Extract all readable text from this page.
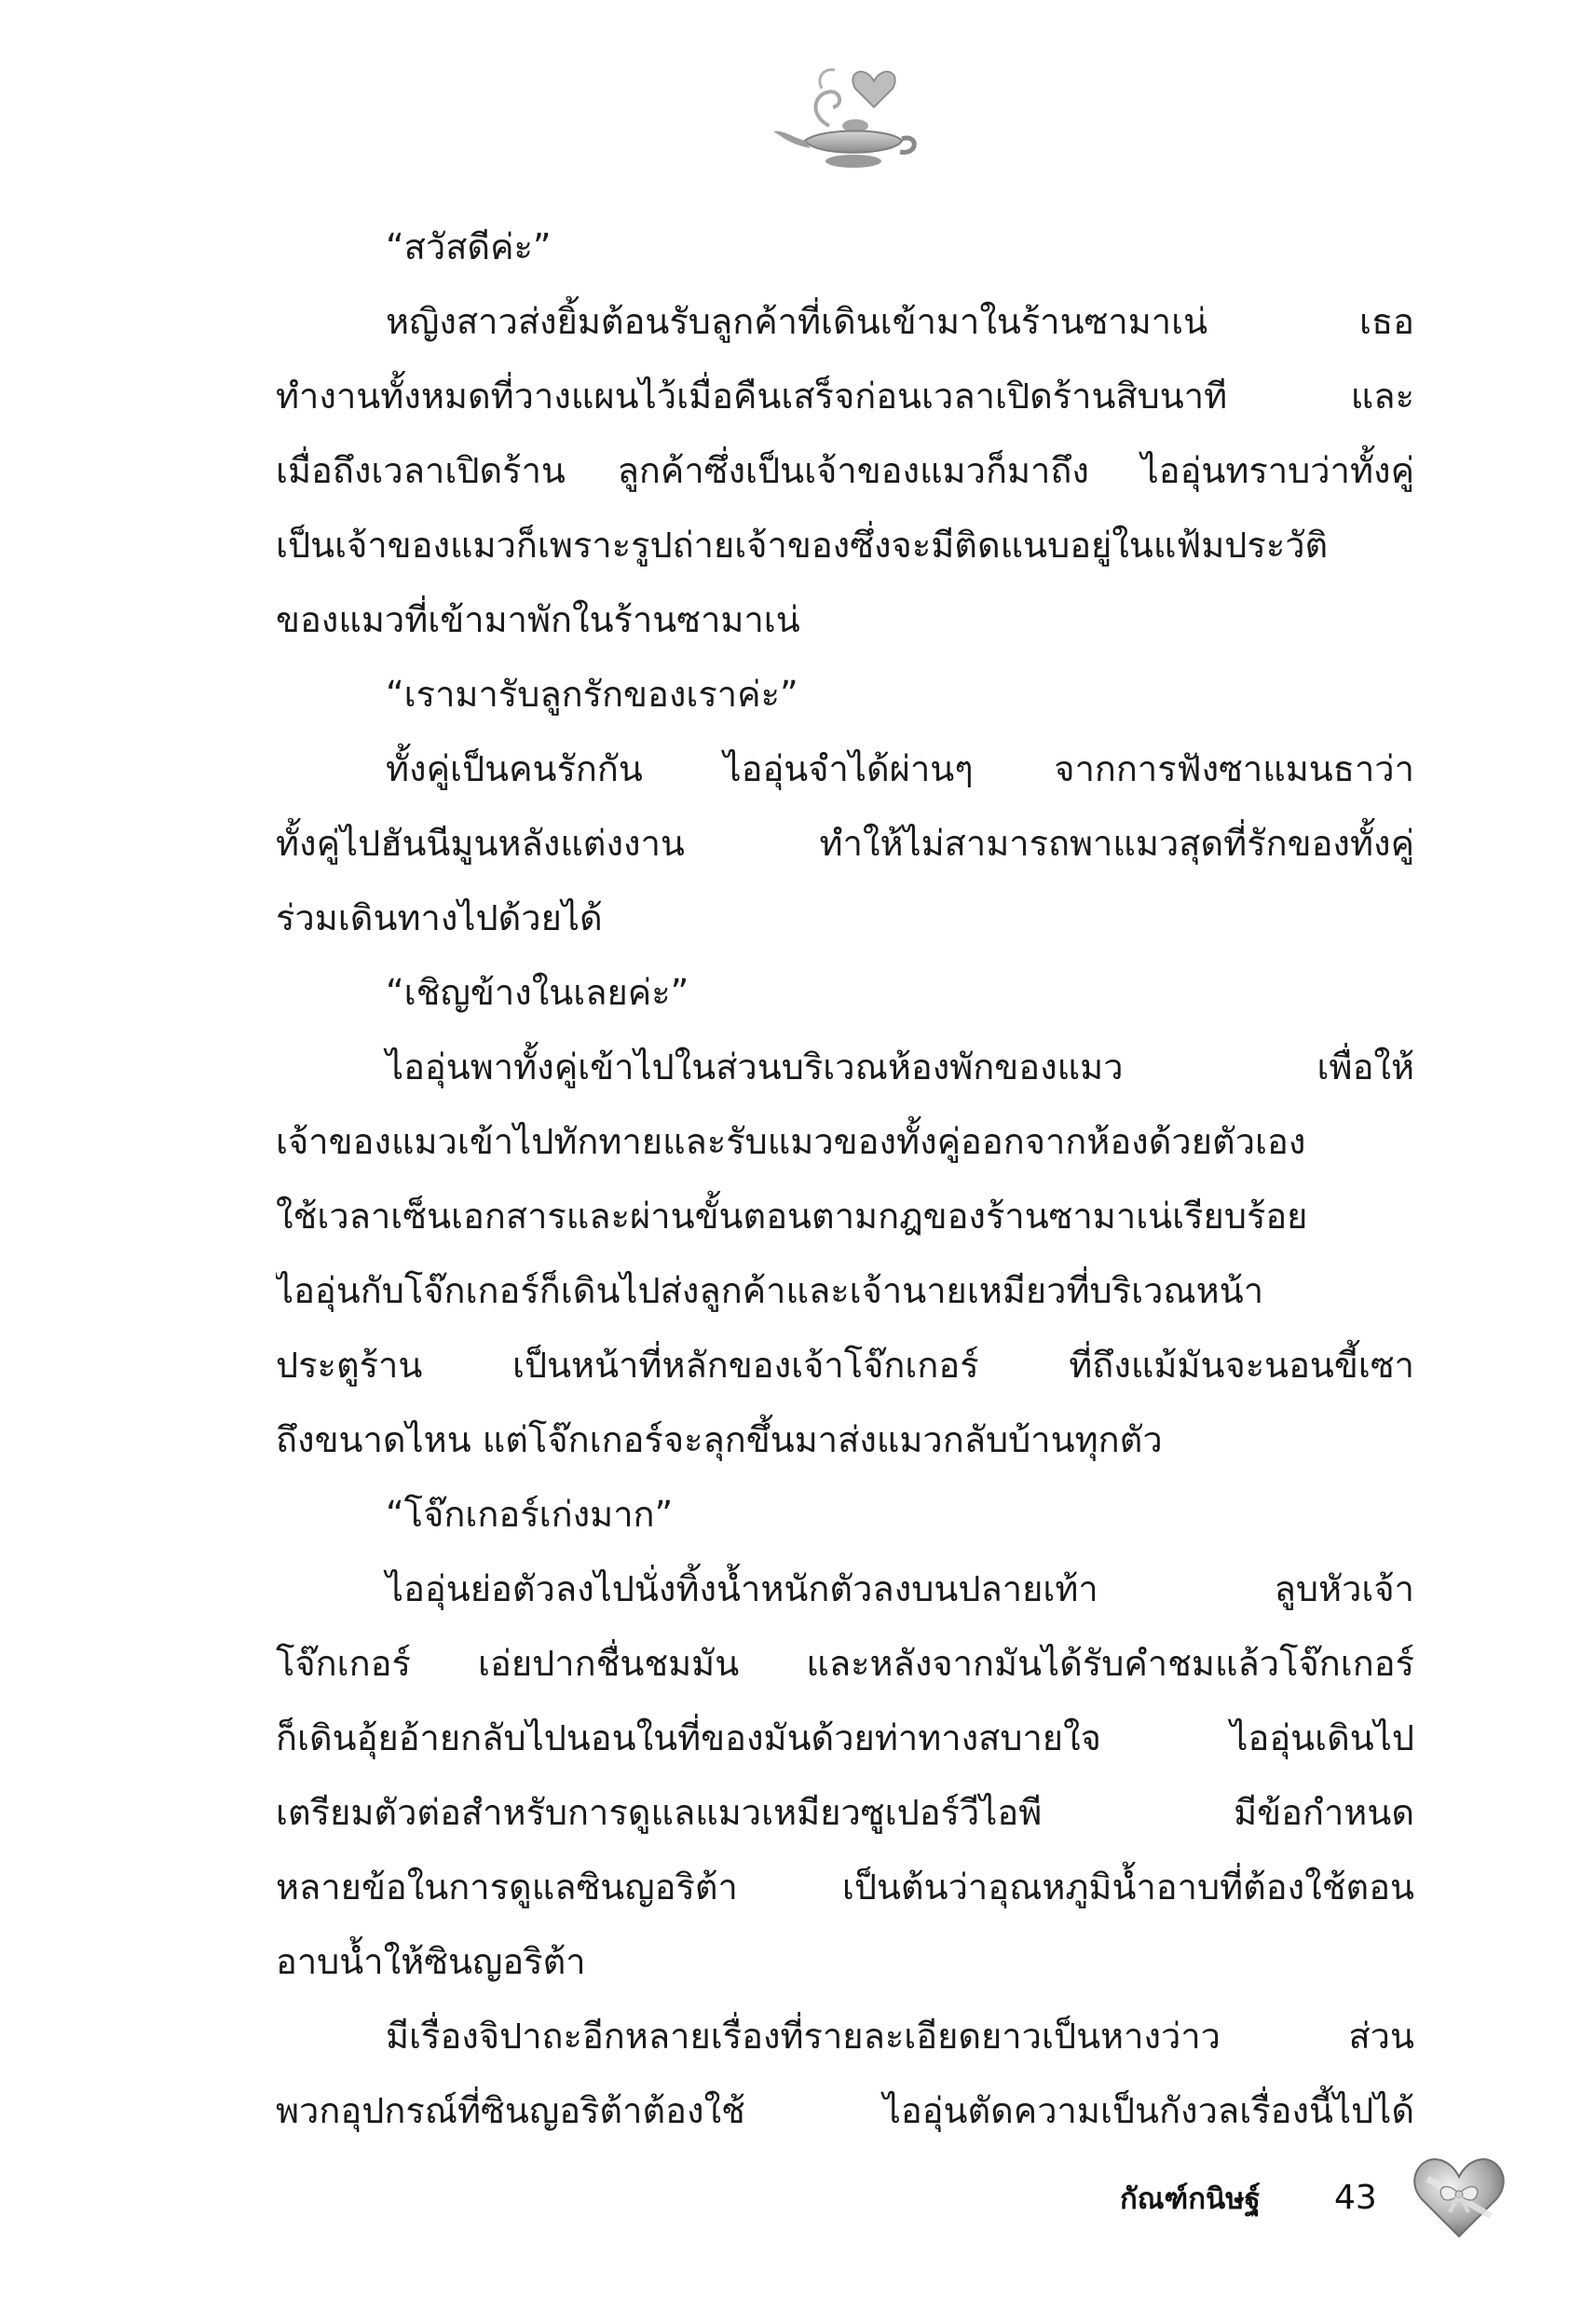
“สวัสดีค่ะ”
หญิงสาวส่งยิ้มต้อนรับลูกค้าที่เดินเข้ามาในร้านซามาเน่ เธอ
ทำงานทั้งหมดที่วางแผนไว้เมื่อคืนเสร็จก่อนเวลาเปิดร้านสิบนาที และ
เมื่อถึงเวลาเปิดร้าน ลูกค้าซึ่งเป็นเจ้าของแมวก็มาถึง ไออุ่นทราบว่าทั้งคู่
เป็นเจ้าของแมวก็เพราะรูปถ่ายเจ้าของซึ่งจะมีติดแนบอยู่ในแฟ้มประวัติ
ของแมวที่เข้ามาพักในร้านซามาเน่
“เรามารับลูกรักของเราค่ะ”
ทั้งคู่เป็นคนรักกัน ไออุ่นจำได้ผ่านๆ จากการฟังซาแมนธาว่า
ทั้งคู่ไปฮันนีมูนหลังแต่งงาน ทำให้ไม่สามารถพาแมวสุดที่รักของทั้งคู่
ร่วมเดินทางไปด้วยได้
“เชิญข้างในเลยค่ะ”
ไออุ่นพาทั้งคู่เข้าไปในส่วนบริเวณห้องพักของแมว เพื่อให้
เจ้าของแมวเข้าไปทักทายและรับแมวของทั้งคู่ออกจากห้องด้วยตัวเอง
ใช้เวลาเซ็นเอกสารและผ่านขั้นตอนตามกฎของร้านซามาเน่เรียบร้อย
ไออุ่นกับโจ๊กเกอร์ก็เดินไปส่งลูกค้าและเจ้านายเหมียวที่บริเวณหน้า
ประตูร้าน เป็นหน้าที่หลักของเจ้าโจ๊กเกอร์ ที่ถึงแม้มันจะนอนขี้เซา
ถึงขนาดไหน แต่โจ๊กเกอร์จะลุกขึ้นมาส่งแมวกลับบ้านทุกตัว
“โจ๊กเกอร์เก่งมาก”
ไออุ่นย่อตัวลงไปนั่งทิ้งน้ำหนักตัวลงบนปลายเท้า ลูบหัวเจ้า
โจ๊กเกอร์ เอ่ยปากชื่นชมมัน และหลังจากมันได้รับคำชมแล้วโจ๊กเกอร์
ก็เดินอุ้ยอ้ายกลับไปนอนในที่ของมันด้วยท่าทางสบายใจ ไออุ่นเดินไป
เตรียมตัวต่อสำหรับการดูแลแมวเหมียวซูเปอร์วีไอพี มีข้อกำหนด
หลายข้อในการดูแลซินญอริต้า เป็นต้นว่าอุณหภูมิน้ำอาบที่ต้องใช้ตอน
อาบน้ำให้ซินญอริต้า
มีเรื่องจิปาถะอีกหลายเรื่องที่รายละเอียดยาวเป็นหางว่าว ส่วน
พวกอุปกรณ์ที่ซินญอริต้าต้องใช้ ไออุ่นตัดความเป็นกังวลเรื่องนี้ไปได้
กัณฑ์กนิษฐ์ 43
